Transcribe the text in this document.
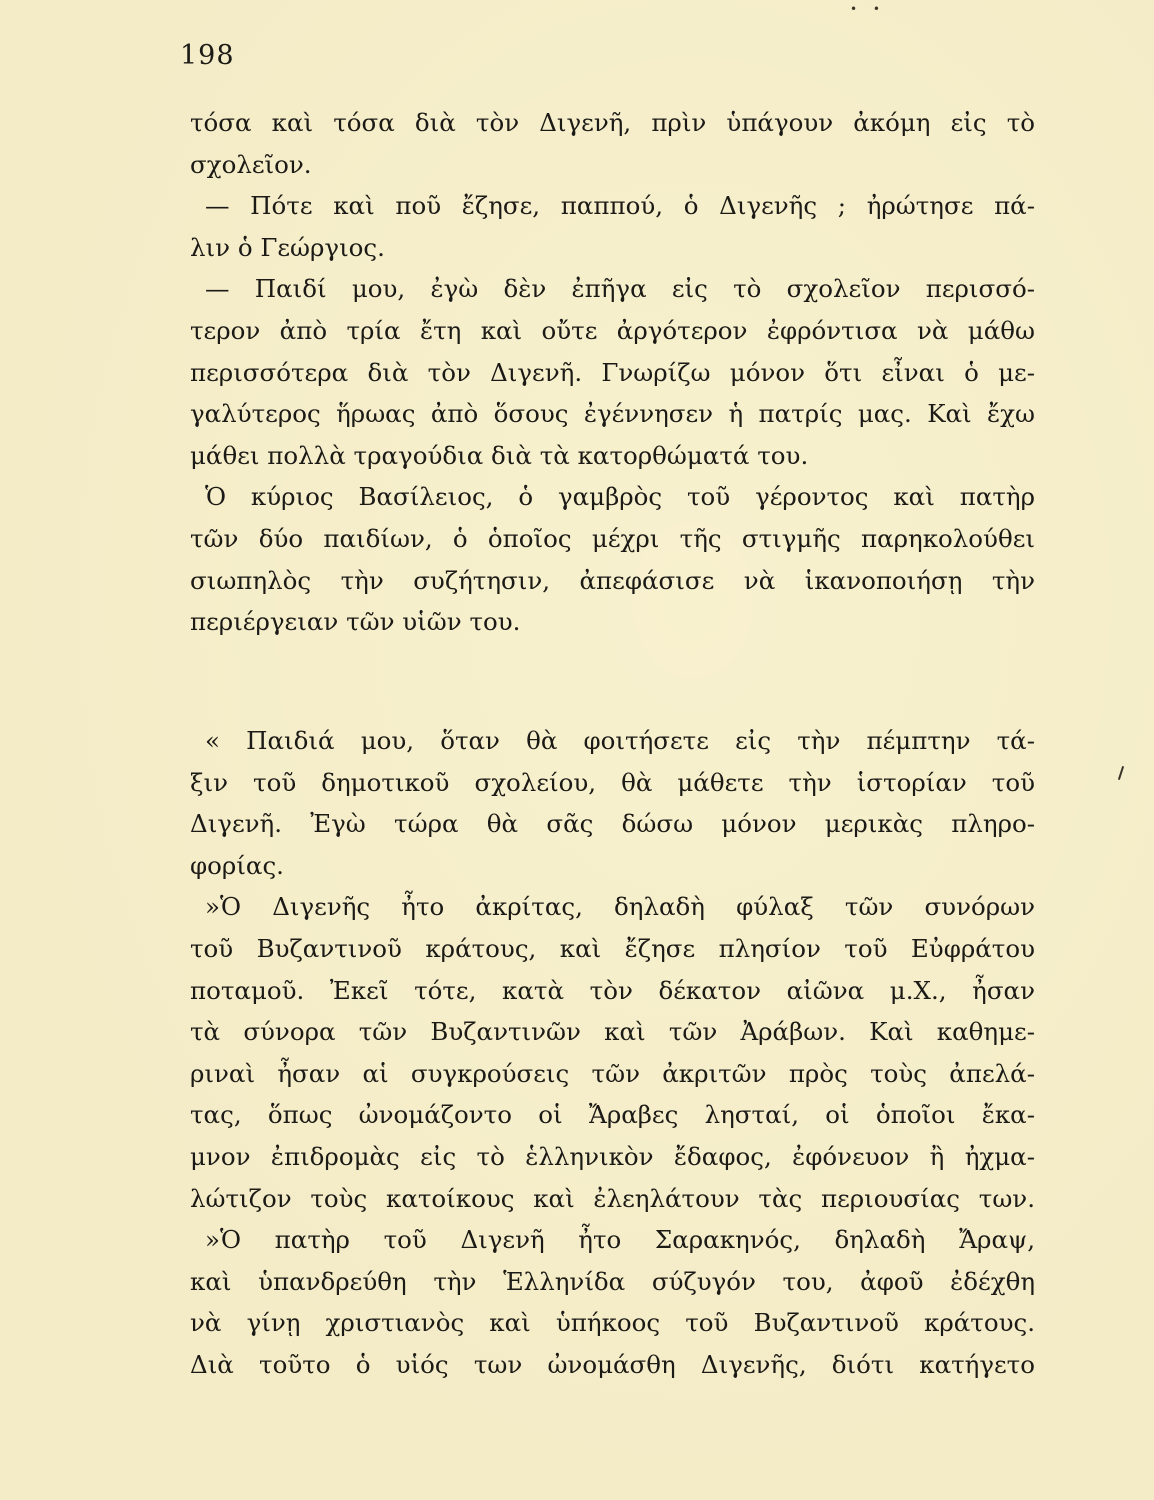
• •
198

τόσα καὶ τόσα διὰ τὸν Διγενῆ, πρὶν ὑπάγουν ἀκόμη εἰς τὸ

σχολεῖον.

— Πότε καὶ ποῦ ἔζησε, παππού, ὁ Διγενῆς ; ἠρώτησε πά-

λιν ὁ Γεώργιος.

— Παιδί μου, ἐγὼ δὲν ἐπῆγα εἰς τὸ σχολεῖον περισσό-

τερον ἀπὸ τρία ἔτη καὶ οὔτε ἀργότερον ἐφρόντισα νὰ μάθω

περισσότερα διὰ τὸν Διγενῆ. Γνωρίζω μόνον ὅτι εἶναι ὁ με-

γαλύτερος ἥρωας ἀπὸ ὅσους ἐγέννησεν ἡ πατρίς μας. Καὶ ἔχω

μάθει πολλὰ τραγούδια διὰ τὰ κατορθώματά του.

Ὁ κύριος Βασίλειος, ὁ γαμβρὸς τοῦ γέροντος καὶ πατὴρ

τῶν δύο παιδίων, ὁ ὁποῖος μέχρι τῆς στιγμῆς παρηκολούθει

σιωπηλὸς τὴν συζήτησιν, ἀπεφάσισε νὰ ἱκανοποιήσῃ τὴν

περιέργειαν τῶν υἱῶν του.

« Παιδιά μου, ὅταν θὰ φοιτήσετε εἰς τὴν πέμπτην τά-

ξιν τοῦ δημοτικοῦ σχολείου, θὰ μάθετε τὴν ἱστορίαν τοῦ

Διγενῆ. Ἐγὼ τώρα θὰ σᾶς δώσω μόνον μερικὰς πληρο-

φορίας.

»Ὁ Διγενῆς ἦτο ἀκρίτας, δηλαδὴ φύλαξ τῶν συνόρων

τοῦ Βυζαντινοῦ κράτους, καὶ ἔζησε πλησίον τοῦ Εὐφράτου

ποταμοῦ. Ἐκεῖ τότε, κατὰ τὸν δέκατον αἰῶνα μ.Χ., ἦσαν

τὰ σύνορα τῶν Βυζαντινῶν καὶ τῶν Ἀράβων. Καὶ καθημε-

ριναὶ ἦσαν αἱ συγκρούσεις τῶν ἀκριτῶν πρὸς τοὺς ἀπελά-

τας, ὅπως ὠνομάζοντο οἱ Ἄραβες λησταί, οἱ ὁποῖοι ἔκα-

μνον ἐπιδρομὰς εἰς τὸ ἑλληνικὸν ἔδαφος, ἐφόνευον ἢ ἠχμα-

λώτιζον τοὺς κατοίκους καὶ ἐλεηλάτουν τὰς περιουσίας των.

»Ὁ πατὴρ τοῦ Διγενῆ ἦτο Σαρακηνός, δηλαδὴ Ἄραψ,

καὶ ὑπανδρεύθη τὴν Ἑλληνίδα σύζυγόν του, ἀφοῦ ἐδέχθη

νὰ γίνῃ χριστιανὸς καὶ ὑπήκοος τοῦ Βυζαντινοῦ κράτους.

Διὰ τοῦτο ὁ υἱός των ὠνομάσθη Διγενῆς, διότι κατήγετο
